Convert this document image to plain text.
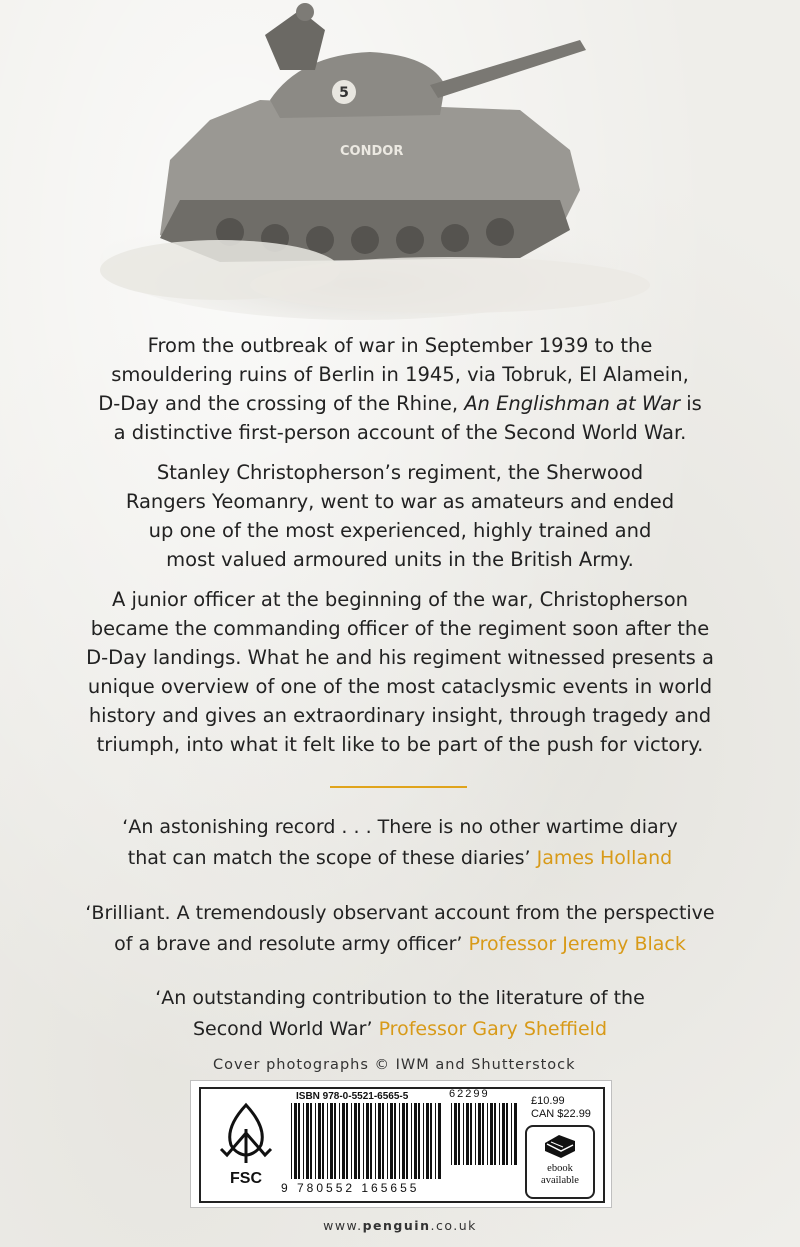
5
CONDOR
From the outbreak of war in September 1939 to the
smouldering ruins of Berlin in 1945, via Tobruk, El Alamein,
D-Day and the crossing of the Rhine, An Englishman at War is
a distinctive first-person account of the Second World War.
Stanley Christopherson’s regiment, the Sherwood
Rangers Yeomanry, went to war as amateurs and ended
up one of the most experienced, highly trained and
most valued armoured units in the British Army.
A junior officer at the beginning of the war, Christopherson
became the commanding officer of the regiment soon after the
D-Day landings. What he and his regiment witnessed presents a
unique overview of one of the most cataclysmic events in world
history and gives an extraordinary insight, through tragedy and
triumph, into what it felt like to be part of the push for victory.
‘An astonishing record . . . There is no other wartime diary
that can match the scope of these diaries’ James Holland
‘Brilliant. A tremendously observant account from the perspective
of a brave and resolute army officer’ Professor Jeremy Black
‘An outstanding contribution to the literature of the
Second World War’ Professor Gary Sheffield
Cover photographs © IWM and Shutterstock
FSC
ISBN 978-0-5521-6565-5	62299
9 780552 165655
£10.99
CAN $22.99
ebook
available
www.penguin.co.uk
